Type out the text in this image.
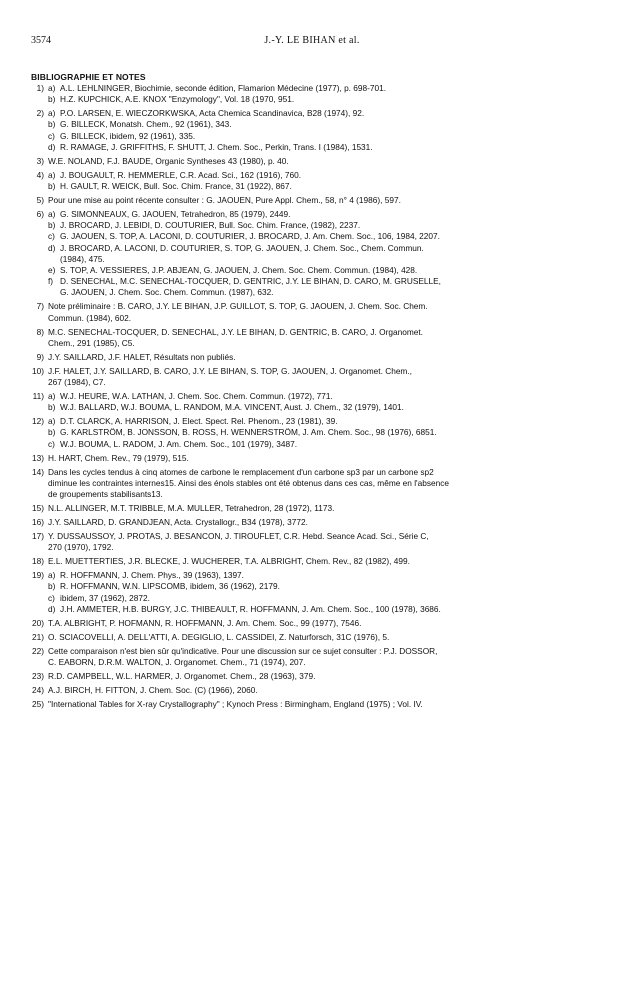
3574	J.-Y. LE BIHAN et al.
BIBLIOGRAPHIE ET NOTES
1) a) A.L. LEHLNINGER, Biochimie, seconde édition, Flamarion Médecine (1977), p. 698-701.
b) H.Z. KUPCHICK, A.E. KNOX "Enzymology", Vol. 18 (1970, 951.
2) a) P.O. LARSEN, E. WIECZORKWSKA, Acta Chemica Scandinavica, B28 (1974), 92.
b) G. BILLECK, Monatsh. Chem., 92 (1961), 343.
c) G. BILLECK, ibidem, 92 (1961), 335.
d) R. RAMAGE, J. GRIFFITHS, F. SHUTT, J. Chem. Soc., Perkin, Trans. I (1984), 1531.
3) W.E. NOLAND, F.J. BAUDE, Organic Syntheses 43 (1980), p. 40.
4) a) J. BOUGAULT, R. HEMMERLE, C.R. Acad. Sci., 162 (1916), 760.
b) H. GAULT, R. WEICK, Bull. Soc. Chim. France, 31 (1922), 867.
5) Pour une mise au point récente consulter : G. JAOUEN, Pure Appl. Chem., 58, n° 4 (1986), 597.
6) a) G. SIMONNEAUX, G. JAOUEN, Tetrahedron, 85 (1979), 2449.
b) J. BROCARD, J. LEBIDI, D. COUTURIER, Bull. Soc. Chim. France, (1982), 2237.
c) G. JAOUEN, S. TOP, A. LACONI, D. COUTURIER, J. BROCARD, J. Am. Chem. Soc., 106, 1984, 2207.
d) J. BROCARD, A. LACONI, D. COUTURIER, S. TOP, G. JAOUEN, J. Chem. Soc., Chem. Commun.
(1984), 475.
e) S. TOP, A. VESSIERES, J.P. ABJEAN, G. JAOUEN, J. Chem. Soc. Chem. Commun. (1984), 428.
f) D. SENECHAL, M.C. SENECHAL-TOCQUER, D. GENTRIC, J.Y. LE BIHAN, D. CARO, M. GRUSELLE,
G. JAOUEN, J. Chem. Soc. Chem. Commun. (1987), 632.
7) Note préliminaire : B. CARO, J.Y. LE BIHAN, J.P. GUILLOT, S. TOP, G. JAOUEN, J. Chem. Soc. Chem.
Commun. (1984), 602.
8) M.C. SENECHAL-TOCQUER, D. SENECHAL, J.Y. LE BIHAN, D. GENTRIC, B. CARO, J. Organomet.
Chem., 291 (1985), C5.
9) J.Y. SAILLARD, J.F. HALET, Résultats non publiés.
10) J.F. HALET, J.Y. SAILLARD, B. CARO, J.Y. LE BIHAN, S. TOP, G. JAOUEN, J. Organomet. Chem.,
267 (1984), C7.
11) a) W.J. HEURE, W.A. LATHAN, J. Chem. Soc. Chem. Commun. (1972), 771.
b) W.J. BALLARD, W.J. BOUMA, L. RANDOM, M.A. VINCENT, Aust. J. Chem., 32 (1979), 1401.
12) a) D.T. CLARCK, A. HARRISON, J. Elect. Spect. Rel. Phenom., 23 (1981), 39.
b) G. KARLSTRÖM, B. JONSSON, B. ROSS, H. WENNERSTRÖM, J. Am. Chem. Soc., 98 (1976), 6851.
c) W.J. BOUMA, L. RADOM, J. Am. Chem. Soc., 101 (1979), 3487.
13) H. HART, Chem. Rev., 79 (1979), 515.
14) Dans les cycles tendus à cinq atomes de carbone le remplacement d'un carbone sp3 par un carbone sp2
diminue les contraintes internes15. Ainsi des énols stables ont été obtenus dans ces cas, même en l'absence
de groupements stabilisants13.
15) N.L. ALLINGER, M.T. TRIBBLE, M.A. MULLER, Tetrahedron, 28 (1972), 1173.
16) J.Y. SAILLARD, D. GRANDJEAN, Acta. Crystallogr., B34 (1978), 3772.
17) Y. DUSSAUSSOY, J. PROTAS, J. BESANCON, J. TIROUFLET, C.R. Hebd. Seance Acad. Sci., Série C,
270 (1970), 1792.
18) E.L. MUETTERTIES, J.R. BLECKE, J. WUCHERER, T.A. ALBRIGHT, Chem. Rev., 82 (1982), 499.
19) a) R. HOFFMANN, J. Chem. Phys., 39 (1963), 1397.
b) R. HOFFMANN, W.N. LIPSCOMB, ibidem, 36 (1962), 2179.
c) ibidem, 37 (1962), 2872.
d) J.H. AMMETER, H.B. BURGY, J.C. THIBEAULT, R. HOFFMANN, J. Am. Chem. Soc., 100 (1978), 3686.
20) T.A. ALBRIGHT, P. HOFMANN, R. HOFFMANN, J. Am. Chem. Soc., 99 (1977), 7546.
21) O. SCIACOVELLI, A. DELL'ATTI, A. DEGIGLIO, L. CASSIDEI, Z. Naturforsch, 31C (1976), 5.
22) Cette comparaison n'est bien sûr qu'indicative. Pour une discussion sur ce sujet consulter : P.J. DOSSOR,
C. EABORN, D.R.M. WALTON, J. Organomet. Chem., 71 (1974), 207.
23) R.D. CAMPBELL, W.L. HARMER, J. Organomet. Chem., 28 (1963), 379.
24) A.J. BIRCH, H. FITTON, J. Chem. Soc. (C) (1966), 2060.
25) "International Tables for X-ray Crystallography" ; Kynoch Press : Birmingham, England (1975) ; Vol. IV.
